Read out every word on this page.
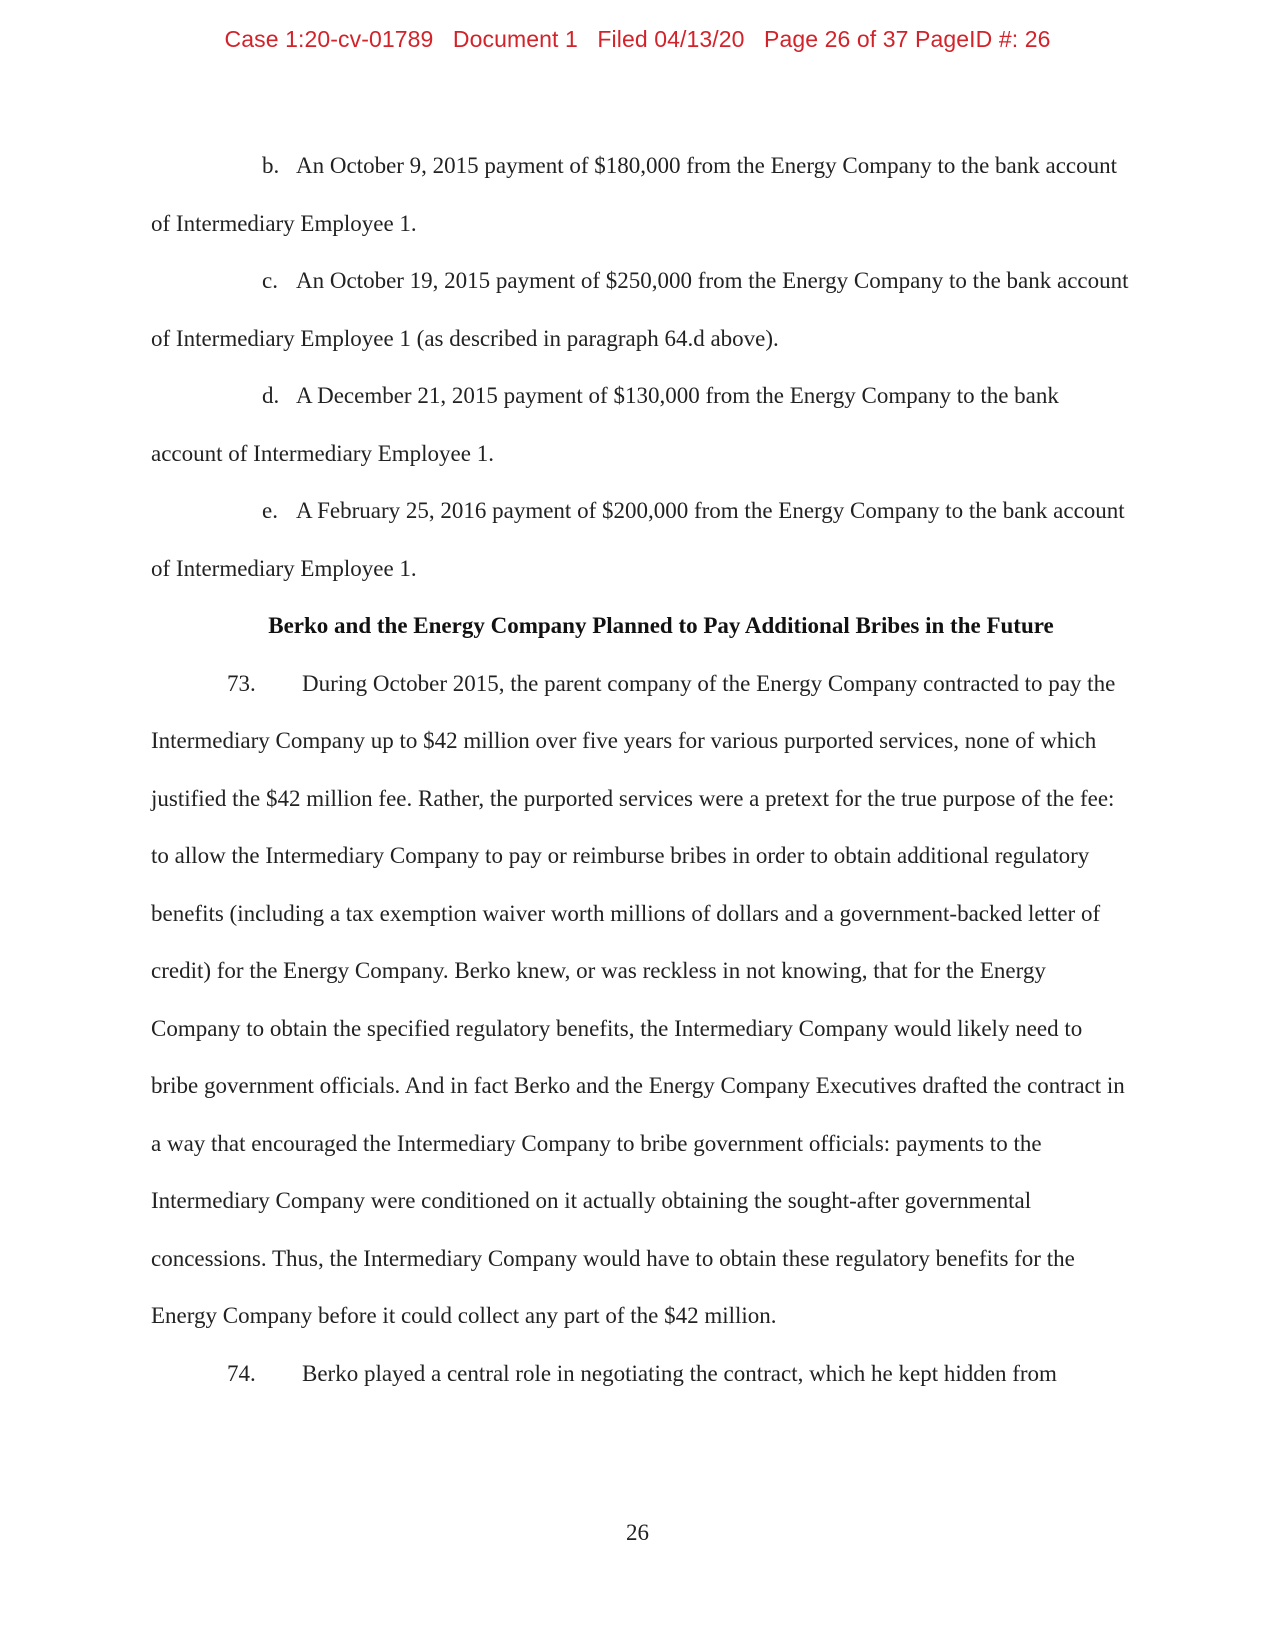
Case 1:20-cv-01789   Document 1   Filed 04/13/20   Page 26 of 37 PageID #: 26

b. An October 9, 2015 payment of $180,000 from the Energy Company to the bank account of Intermediary Employee 1.

c. An October 19, 2015 payment of $250,000 from the Energy Company to the bank account of Intermediary Employee 1 (as described in paragraph 64.d above).

d. A December 21, 2015 payment of $130,000 from the Energy Company to the bank account of Intermediary Employee 1.

e. A February 25, 2016 payment of $200,000 from the Energy Company to the bank account of Intermediary Employee 1.

Berko and the Energy Company Planned to Pay Additional Bribes in the Future

73. During October 2015, the parent company of the Energy Company contracted to pay the Intermediary Company up to $42 million over five years for various purported services, none of which justified the $42 million fee. Rather, the purported services were a pretext for the true purpose of the fee: to allow the Intermediary Company to pay or reimburse bribes in order to obtain additional regulatory benefits (including a tax exemption waiver worth millions of dollars and a government-backed letter of credit) for the Energy Company. Berko knew, or was reckless in not knowing, that for the Energy Company to obtain the specified regulatory benefits, the Intermediary Company would likely need to bribe government officials. And in fact Berko and the Energy Company Executives drafted the contract in a way that encouraged the Intermediary Company to bribe government officials: payments to the Intermediary Company were conditioned on it actually obtaining the sought-after governmental concessions. Thus, the Intermediary Company would have to obtain these regulatory benefits for the Energy Company before it could collect any part of the $42 million.

74. Berko played a central role in negotiating the contract, which he kept hidden from

26
